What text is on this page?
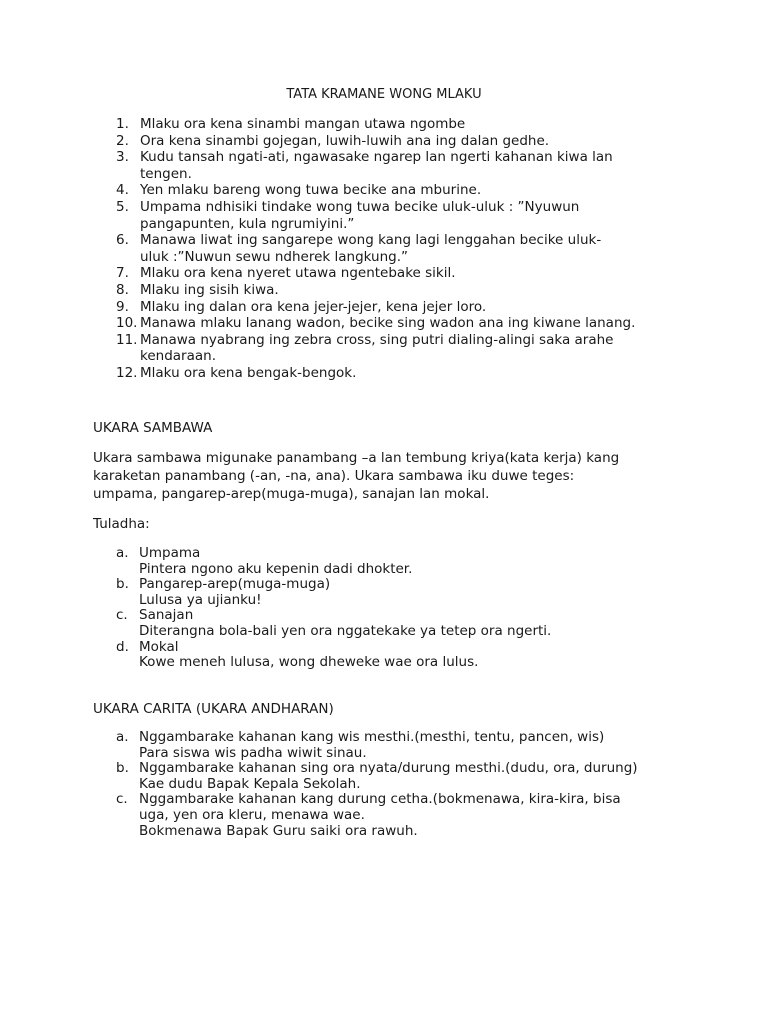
TATA KRAMANE WONG MLAKU
1. Mlaku ora kena sinambi mangan utawa ngombe
2. Ora kena sinambi gojegan, luwih-luwih ana ing dalan gedhe.
3. Kudu tansah ngati-ati, ngawasake ngarep lan ngerti kahanan kiwa lan
tengen.
4. Yen mlaku bareng wong tuwa becike ana mburine.
5. Umpama ndhisiki tindake wong tuwa becike uluk-uluk : ”Nyuwun
pangapunten, kula ngrumiyini.”
6. Manawa liwat ing sangarepe wong kang lagi lenggahan becike uluk-
uluk :”Nuwun sewu ndherek langkung.”
7. Mlaku ora kena nyeret utawa ngentebake sikil.
8. Mlaku ing sisih kiwa.
9. Mlaku ing dalan ora kena jejer-jejer, kena jejer loro.
10. Manawa mlaku lanang wadon, becike sing wadon ana ing kiwane lanang.
11. Manawa nyabrang ing zebra cross, sing putri dialing-alingi saka arahe
kendaraan.
12. Mlaku ora kena bengak-bengok.
UKARA SAMBAWA
Ukara sambawa migunake panambang –a lan tembung kriya(kata kerja) kang
karaketan panambang (-an, -na, ana). Ukara sambawa iku duwe teges:
umpama, pangarep-arep(muga-muga), sanajan lan mokal.
Tuladha:
a. Umpama
Pintera ngono aku kepenin dadi dhokter.
b. Pangarep-arep(muga-muga)
Lulusa ya ujianku!
c. Sanajan
Diterangna bola-bali yen ora nggatekake ya tetep ora ngerti.
d. Mokal
Kowe meneh lulusa, wong dheweke wae ora lulus.
UKARA CARITA (UKARA ANDHARAN)
a. Nggambarake kahanan kang wis mesthi.(mesthi, tentu, pancen, wis)
Para siswa wis padha wiwit sinau.
b. Nggambarake kahanan sing ora nyata/durung mesthi.(dudu, ora, durung)
Kae dudu Bapak Kepala Sekolah.
c. Nggambarake kahanan kang durung cetha.(bokmenawa, kira-kira, bisa
uga, yen ora kleru, menawa wae.
Bokmenawa Bapak Guru saiki ora rawuh.
